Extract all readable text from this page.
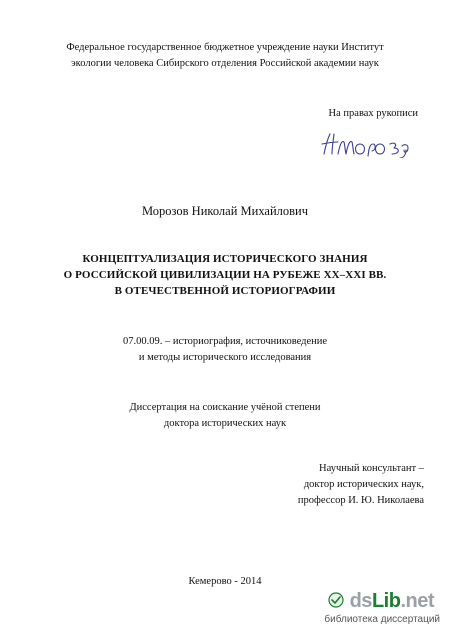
Федеральное государственное бюджетное учреждение науки Институт
экологии человека Сибирского отделения Российской академии наук
На правах рукописи
Морозов Николай Михайлович
КОНЦЕПТУАЛИЗАЦИЯ ИСТОРИЧЕСКОГО ЗНАНИЯ
О РОССИЙСКОЙ ЦИВИЛИЗАЦИИ НА РУБЕЖЕ XX–XXI ВВ.
В ОТЕЧЕСТВЕННОЙ ИСТОРИОГРАФИИ
07.00.09. – историография, источниковедение
и методы исторического исследования
Диссертация на соискание учёной степени
доктора исторических наук
Научный консультант –
доктор исторических наук,
профессор И. Ю. Николаева
Кемерово - 2014
dsLib.net
библиотека диссертаций
